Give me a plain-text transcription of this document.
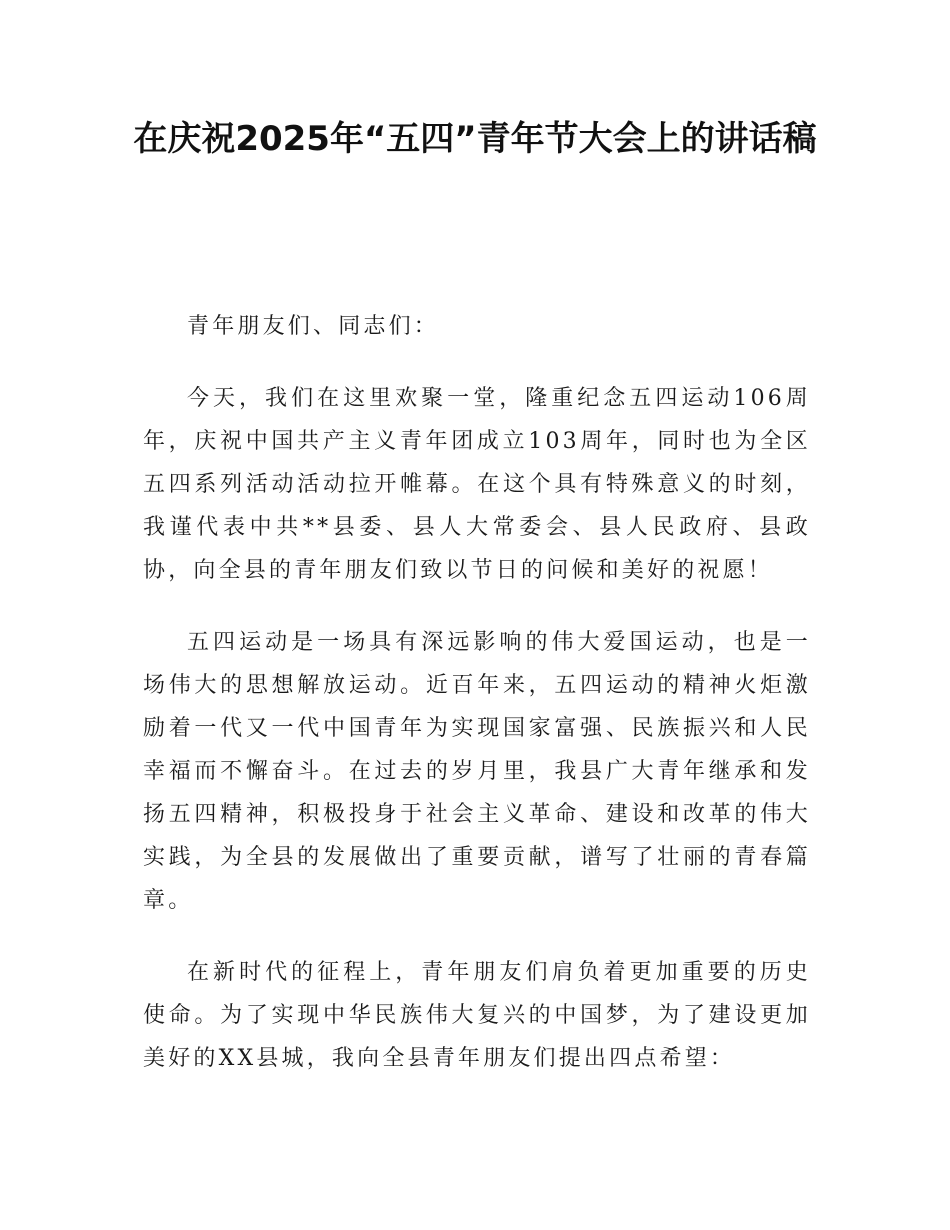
在庆祝2025年“五四”青年节大会上的讲话稿

青年朋友们、同志们：

今天，我们在这里欢聚一堂，隆重纪念五四运动106周年，庆祝中国共产主义青年团成立103周年，同时也为全区五四系列活动活动拉开帷幕。在这个具有特殊意义的时刻，我谨代表中共**县委、县人大常委会、县人民政府、县政协，向全县的青年朋友们致以节日的问候和美好的祝愿！

五四运动是一场具有深远影响的伟大爱国运动，也是一场伟大的思想解放运动。近百年来，五四运动的精神火炬激励着一代又一代中国青年为实现国家富强、民族振兴和人民幸福而不懈奋斗。在过去的岁月里，我县广大青年继承和发扬五四精神，积极投身于社会主义革命、建设和改革的伟大实践，为全县的发展做出了重要贡献，谱写了壮丽的青春篇章。

在新时代的征程上，青年朋友们肩负着更加重要的历史使命。为了实现中华民族伟大复兴的中国梦，为了建设更加美好的XX县城，我向全县青年朋友们提出四点希望：
